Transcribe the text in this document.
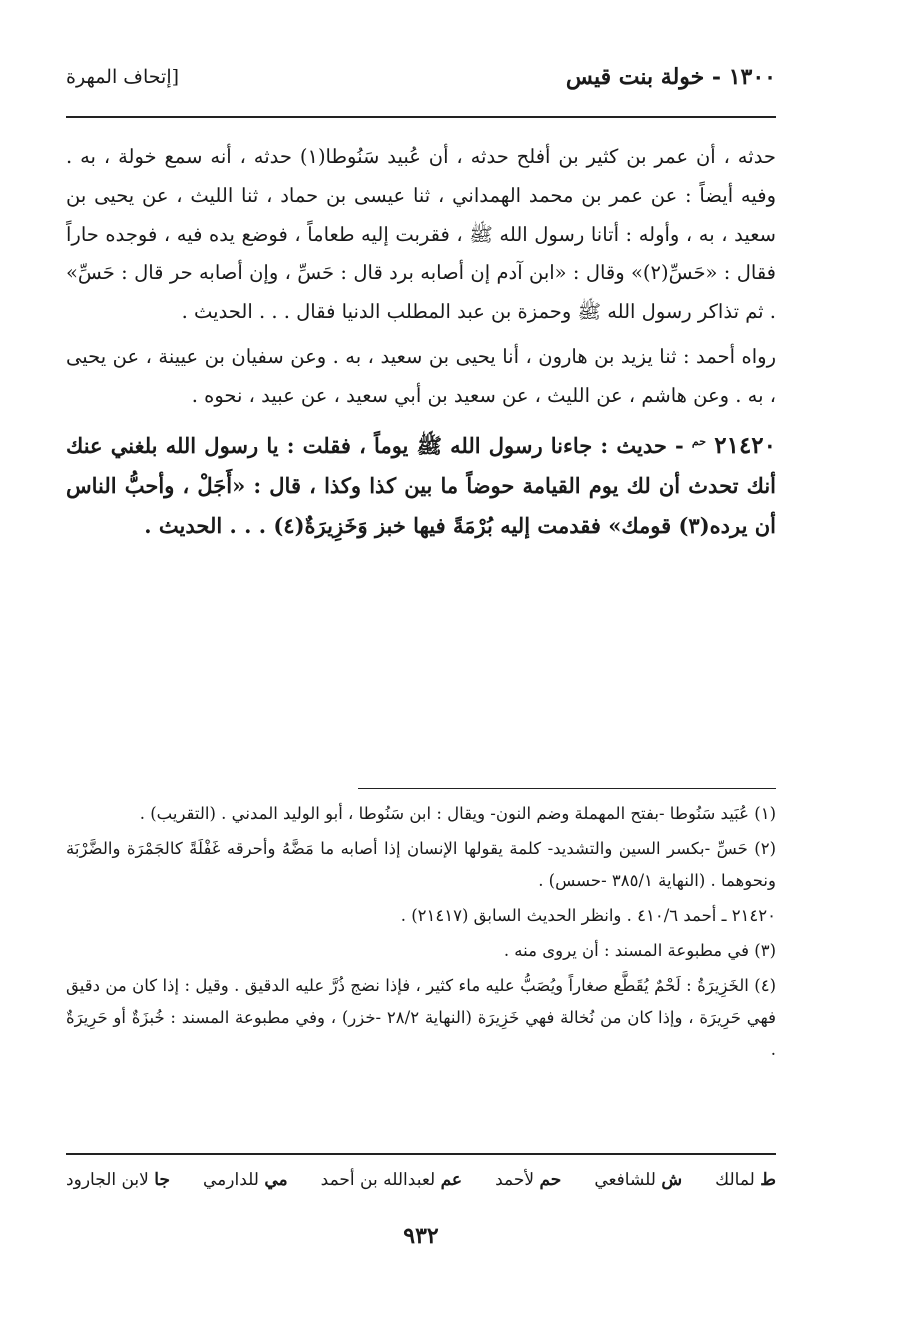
١٣٠٠ - خولة بنت قيس
[إتحاف المهرة

حدثه ، أن عمر بن كثير بن أفلح حدثه ، أن عُبيد سَنُوطا(١) حدثه ، أنه سمع خولة ، به . وفيه أيضاً : عن عمر بن محمد الهمداني ، ثنا عيسى بن حماد ، ثنا الليث ، عن يحيى بن سعيد ، به ، وأوله : أتانا رسول الله ﷺ ، فقربت إليه طعاماً ، فوضع يده فيه ، فوجده حاراً فقال : «حَسِّ(٢)» وقال : «ابن آدم إن أصابه برد قال : حَسِّ ، وإن أصابه حر قال : حَسِّ» . ثم تذاكر رسول الله ﷺ وحمزة بن عبد المطلب الدنيا فقال . . . الحديث .

رواه أحمد : ثنا يزيد بن هارون ، أنا يحيى بن سعيد ، به . وعن سفيان بن عيينة ، عن يحيى ، به . وعن هاشم ، عن الليث ، عن سعيد بن أبي سعيد ، عن عبيد ، نحوه .

٢١٤٢٠ $^{حم}$ - حديث : جاءنا رسول الله ﷺ يوماً ، فقلت : يا رسول الله بلغني عنك أنك تحدث أن لك يوم القيامة حوضاً ما بين كذا وكذا ، قال : «أَجَلْ ، وأحبُّ الناس أن يرده(٣) قومك» فقدمت إليه بُرْمَةً فيها خبز وَخَزِيرَةٌ(٤) . . . الحديث .

(١) عُبَيد سَنُوطا -بفتح المهملة وضم النون- ويقال : ابن سَنُوطا ، أبو الوليد المدني . (التقريب) .

(٢) حَسِّ -بكسر السين والتشديد- كلمة يقولها الإنسان إذا أصابه ما مَضَّهُ وأحرقه غَفْلَةً كالجَمْرَة والضَّرْبَة ونحوهما . (النهاية ٣٨٥/١ -حسس) .

٢١٤٢٠ ـ أحمد ٤١٠/٦ . وانظر الحديث السابق (٢١٤١٧) .

(٣) في مطبوعة المسند : أن يروى منه .

(٤) الخَزِيرَةُ : لَحْمٌ يُقَطَّع صغاراً ويُصَبُّ عليه ماء كثير ، فإذا نضج ذُرَّ عليه الدقيق . وقيل : إذا كان من دقيق فهي حَرِيرَة ، وإذا كان من نُخالة فهي خَزِيرَة (النهاية ٢٨/٢ -خزر) ، وفي مطبوعة المسند : خُبزَةٌ أو حَرِيرَةٌ .

ط لمالك
ش للشافعي
حم لأحمد
عم لعبدالله بن أحمد
مي للدارمي
جا لابن الجارود
٩٣٢
